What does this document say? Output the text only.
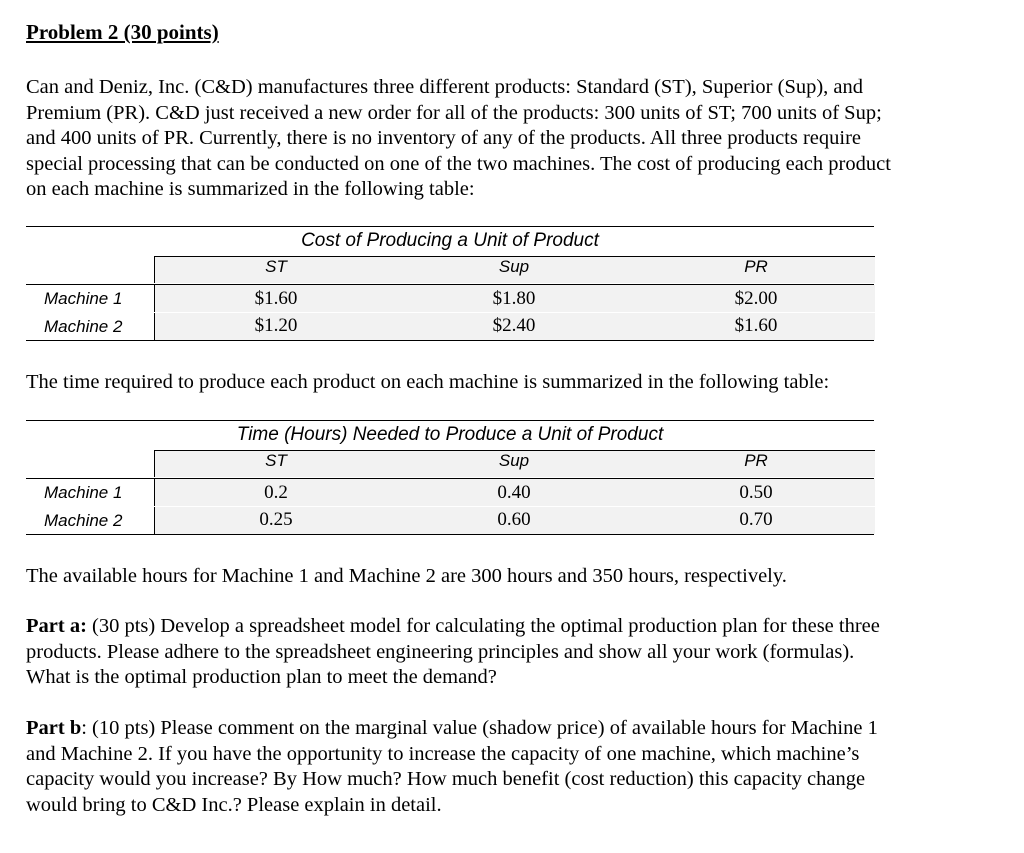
Problem 2 (30 points)

Can and Deniz, Inc. (C&D) manufactures three different products: Standard (ST), Superior (Sup), and
Premium (PR). C&D just received a new order for all of the products: 300 units of ST; 700 units of Sup;
and 400 units of PR. Currently, there is no inventory of any of the products. All three products require
special processing that can be conducted on one of the two machines. The cost of producing each product
on each machine is summarized in the following table:

Cost of Producing a Unit of Product
ST	Sup	PR
Machine 1	$1.60	$1.80	$2.00
Machine 2	$1.20	$2.40	$1.60

The time required to produce each product on each machine is summarized in the following table:

Time (Hours) Needed to Produce a Unit of Product
ST	Sup	PR
Machine 1	0.2	0.40	0.50
Machine 2	0.25	0.60	0.70

The available hours for Machine 1 and Machine 2 are 300 hours and 350 hours, respectively.

Part a: (30 pts) Develop a spreadsheet model for calculating the optimal production plan for these three
products. Please adhere to the spreadsheet engineering principles and show all your work (formulas).
What is the optimal production plan to meet the demand?

Part b: (10 pts) Please comment on the marginal value (shadow price) of available hours for Machine 1
and Machine 2. If you have the opportunity to increase the capacity of one machine, which machine’s
capacity would you increase? By How much? How much benefit (cost reduction) this capacity change
would bring to C&D Inc.? Please explain in detail.
